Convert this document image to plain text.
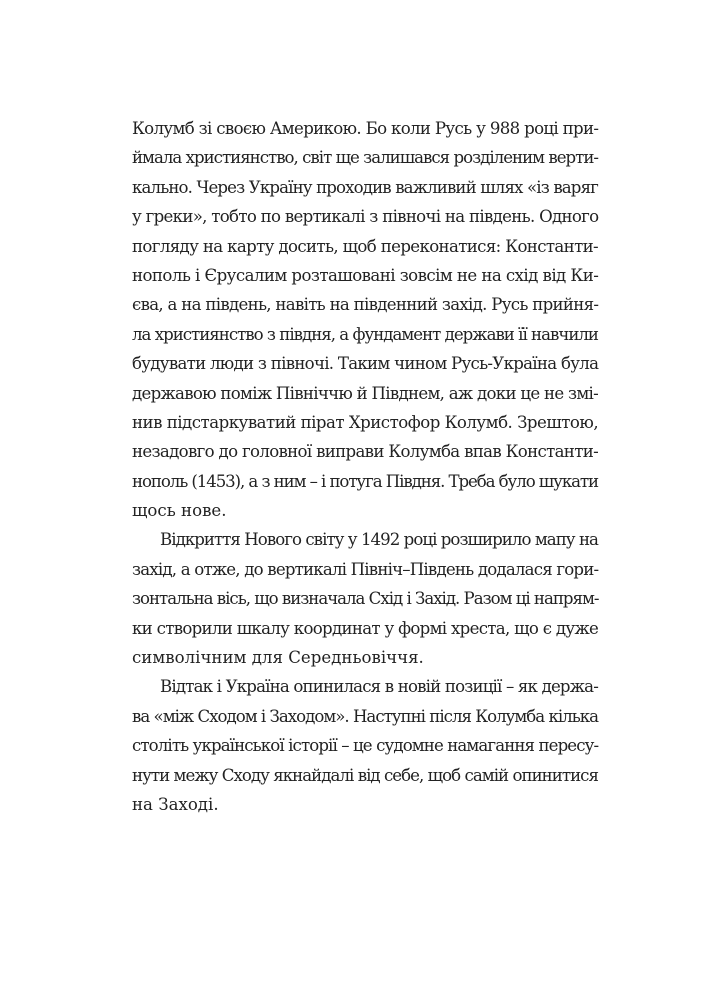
Колумб зі своєю Америкою. Бо коли Русь у 988 році при-
ймала християнство, світ ще залишався розділеним верти-
кально. Через Україну проходив важливий шлях «із варяг
у греки», тобто по вертикалі з півночі на південь. Одного
погляду на карту досить, щоб переконатися: Константи-
нополь і Єрусалим розташовані зовсім не на схід від Ки-
єва, а на південь, навіть на південний захід. Русь прийня-
ла християнство з півдня, а фундамент держави її навчили
будувати люди з півночі. Таким чином Русь-Україна була
державою поміж Північчю й Півднем, аж доки це не змі-
нив підстаркуватий пірат Христофор Колумб. Зрештою,
незадовго до головної виправи Колумба впав Константи-
нополь (1453), а з ним – і потуга Півдня. Треба було шукати
щось нове.
Відкриття Нового світу у 1492 році розширило мапу на
захід, а отже, до вертикалі Північ–Південь додалася гори-
зонтальна вісь, що визначала Схід і Захід. Разом ці напрям-
ки створили шкалу координат у формі хреста, що є дуже
символічним для Середньовіччя.
Відтак і Україна опинилася в новій позиції – як держа-
ва «між Сходом і Заходом». Наступні після Колумба кілька
століть української історії – це судомне намагання пересу-
нути межу Сходу якнайдалі від себе, щоб самій опинитися
на Заході.
